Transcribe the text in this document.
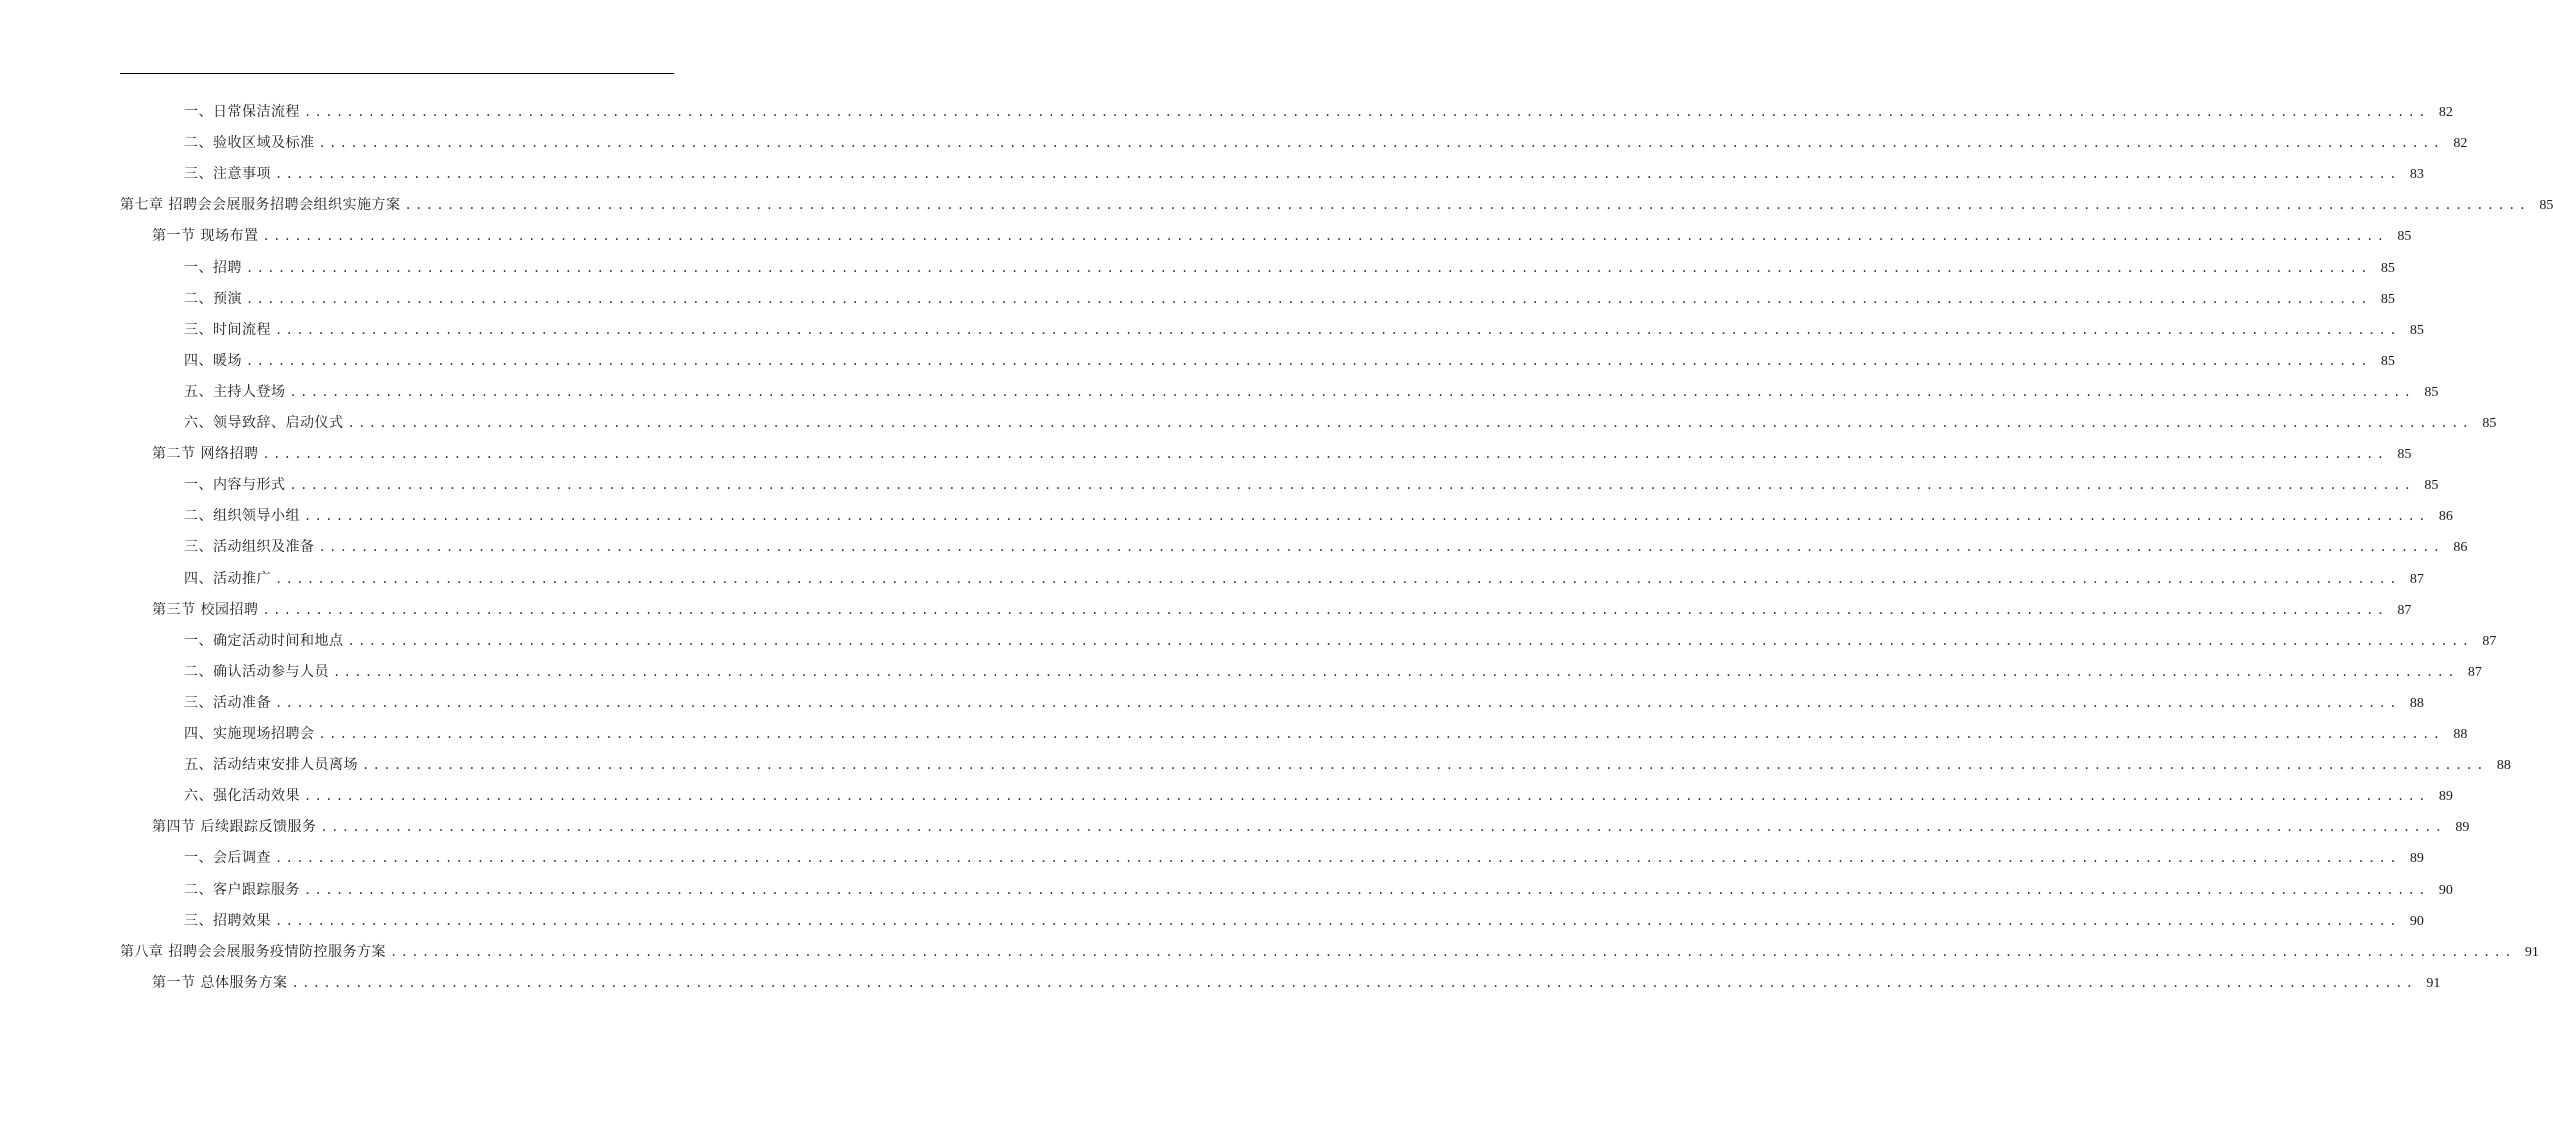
一、日常保洁流程 ........................................................................................................................................................................................................ 82
二、验收区域及标准 ........................................................................................................................................................................................................ 82
三、注意事项 ........................................................................................................................................................................................................ 83
第七章 招聘会会展服务招聘会组织实施方案 ........................................................................................................................................................................................................ 85
第一节 现场布置 ........................................................................................................................................................................................................ 85
一、招聘 ........................................................................................................................................................................................................ 85
二、预演 ........................................................................................................................................................................................................ 85
三、时间流程 ........................................................................................................................................................................................................ 85
四、暖场 ........................................................................................................................................................................................................ 85
五、主持人登场 ........................................................................................................................................................................................................ 85
六、领导致辞、启动仪式 ........................................................................................................................................................................................................ 85
第二节 网络招聘 ........................................................................................................................................................................................................ 85
一、内容与形式 ........................................................................................................................................................................................................ 85
二、组织领导小组 ........................................................................................................................................................................................................ 86
三、活动组织及准备 ........................................................................................................................................................................................................ 86
四、活动推广 ........................................................................................................................................................................................................ 87
第三节 校园招聘 ........................................................................................................................................................................................................ 87
一、确定活动时间和地点 ........................................................................................................................................................................................................ 87
二、确认活动参与人员 ........................................................................................................................................................................................................ 87
三、活动准备 ........................................................................................................................................................................................................ 88
四、实施现场招聘会 ........................................................................................................................................................................................................ 88
五、活动结束安排人员离场 ........................................................................................................................................................................................................ 88
六、强化活动效果 ........................................................................................................................................................................................................ 89
第四节 后续跟踪反馈服务 ........................................................................................................................................................................................................ 89
一、会后调查 ........................................................................................................................................................................................................ 89
二、客户跟踪服务 ........................................................................................................................................................................................................ 90
三、招聘效果 ........................................................................................................................................................................................................ 90
第八章 招聘会会展服务疫情防控服务方案 ........................................................................................................................................................................................................ 91
第一节 总体服务方案 ........................................................................................................................................................................................................ 91
